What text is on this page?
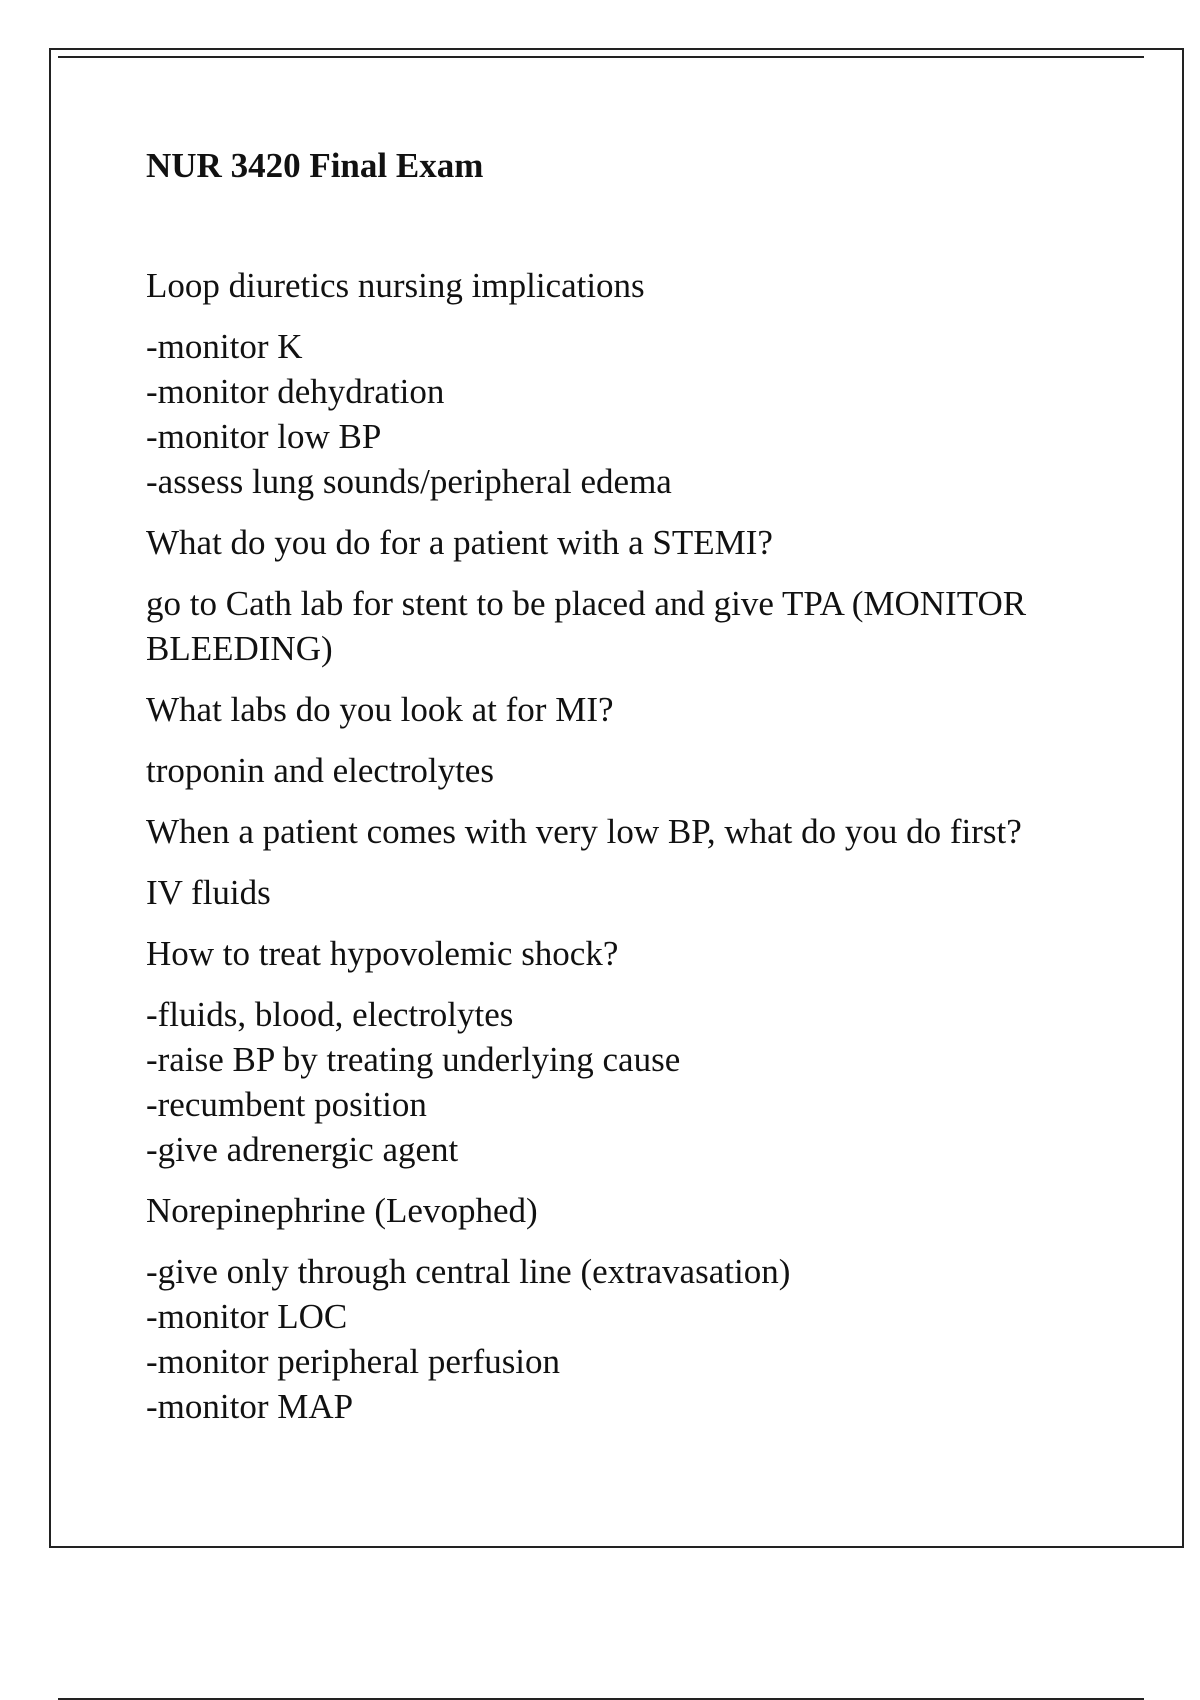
NUR 3420 Final Exam
Loop diuretics nursing implications
-monitor K
-monitor dehydration
-monitor low BP
-assess lung sounds/peripheral edema
What do you do for a patient with a STEMI?
go to Cath lab for stent to be placed and give TPA (MONITOR BLEEDING)
What labs do you look at for MI?
troponin and electrolytes
When a patient comes with very low BP, what do you do first?
IV fluids
How to treat hypovolemic shock?
-fluids, blood, electrolytes
-raise BP by treating underlying cause
-recumbent position
-give adrenergic agent
Norepinephrine (Levophed)
-give only through central line (extravasation)
-monitor LOC
-monitor peripheral perfusion
-monitor MAP
